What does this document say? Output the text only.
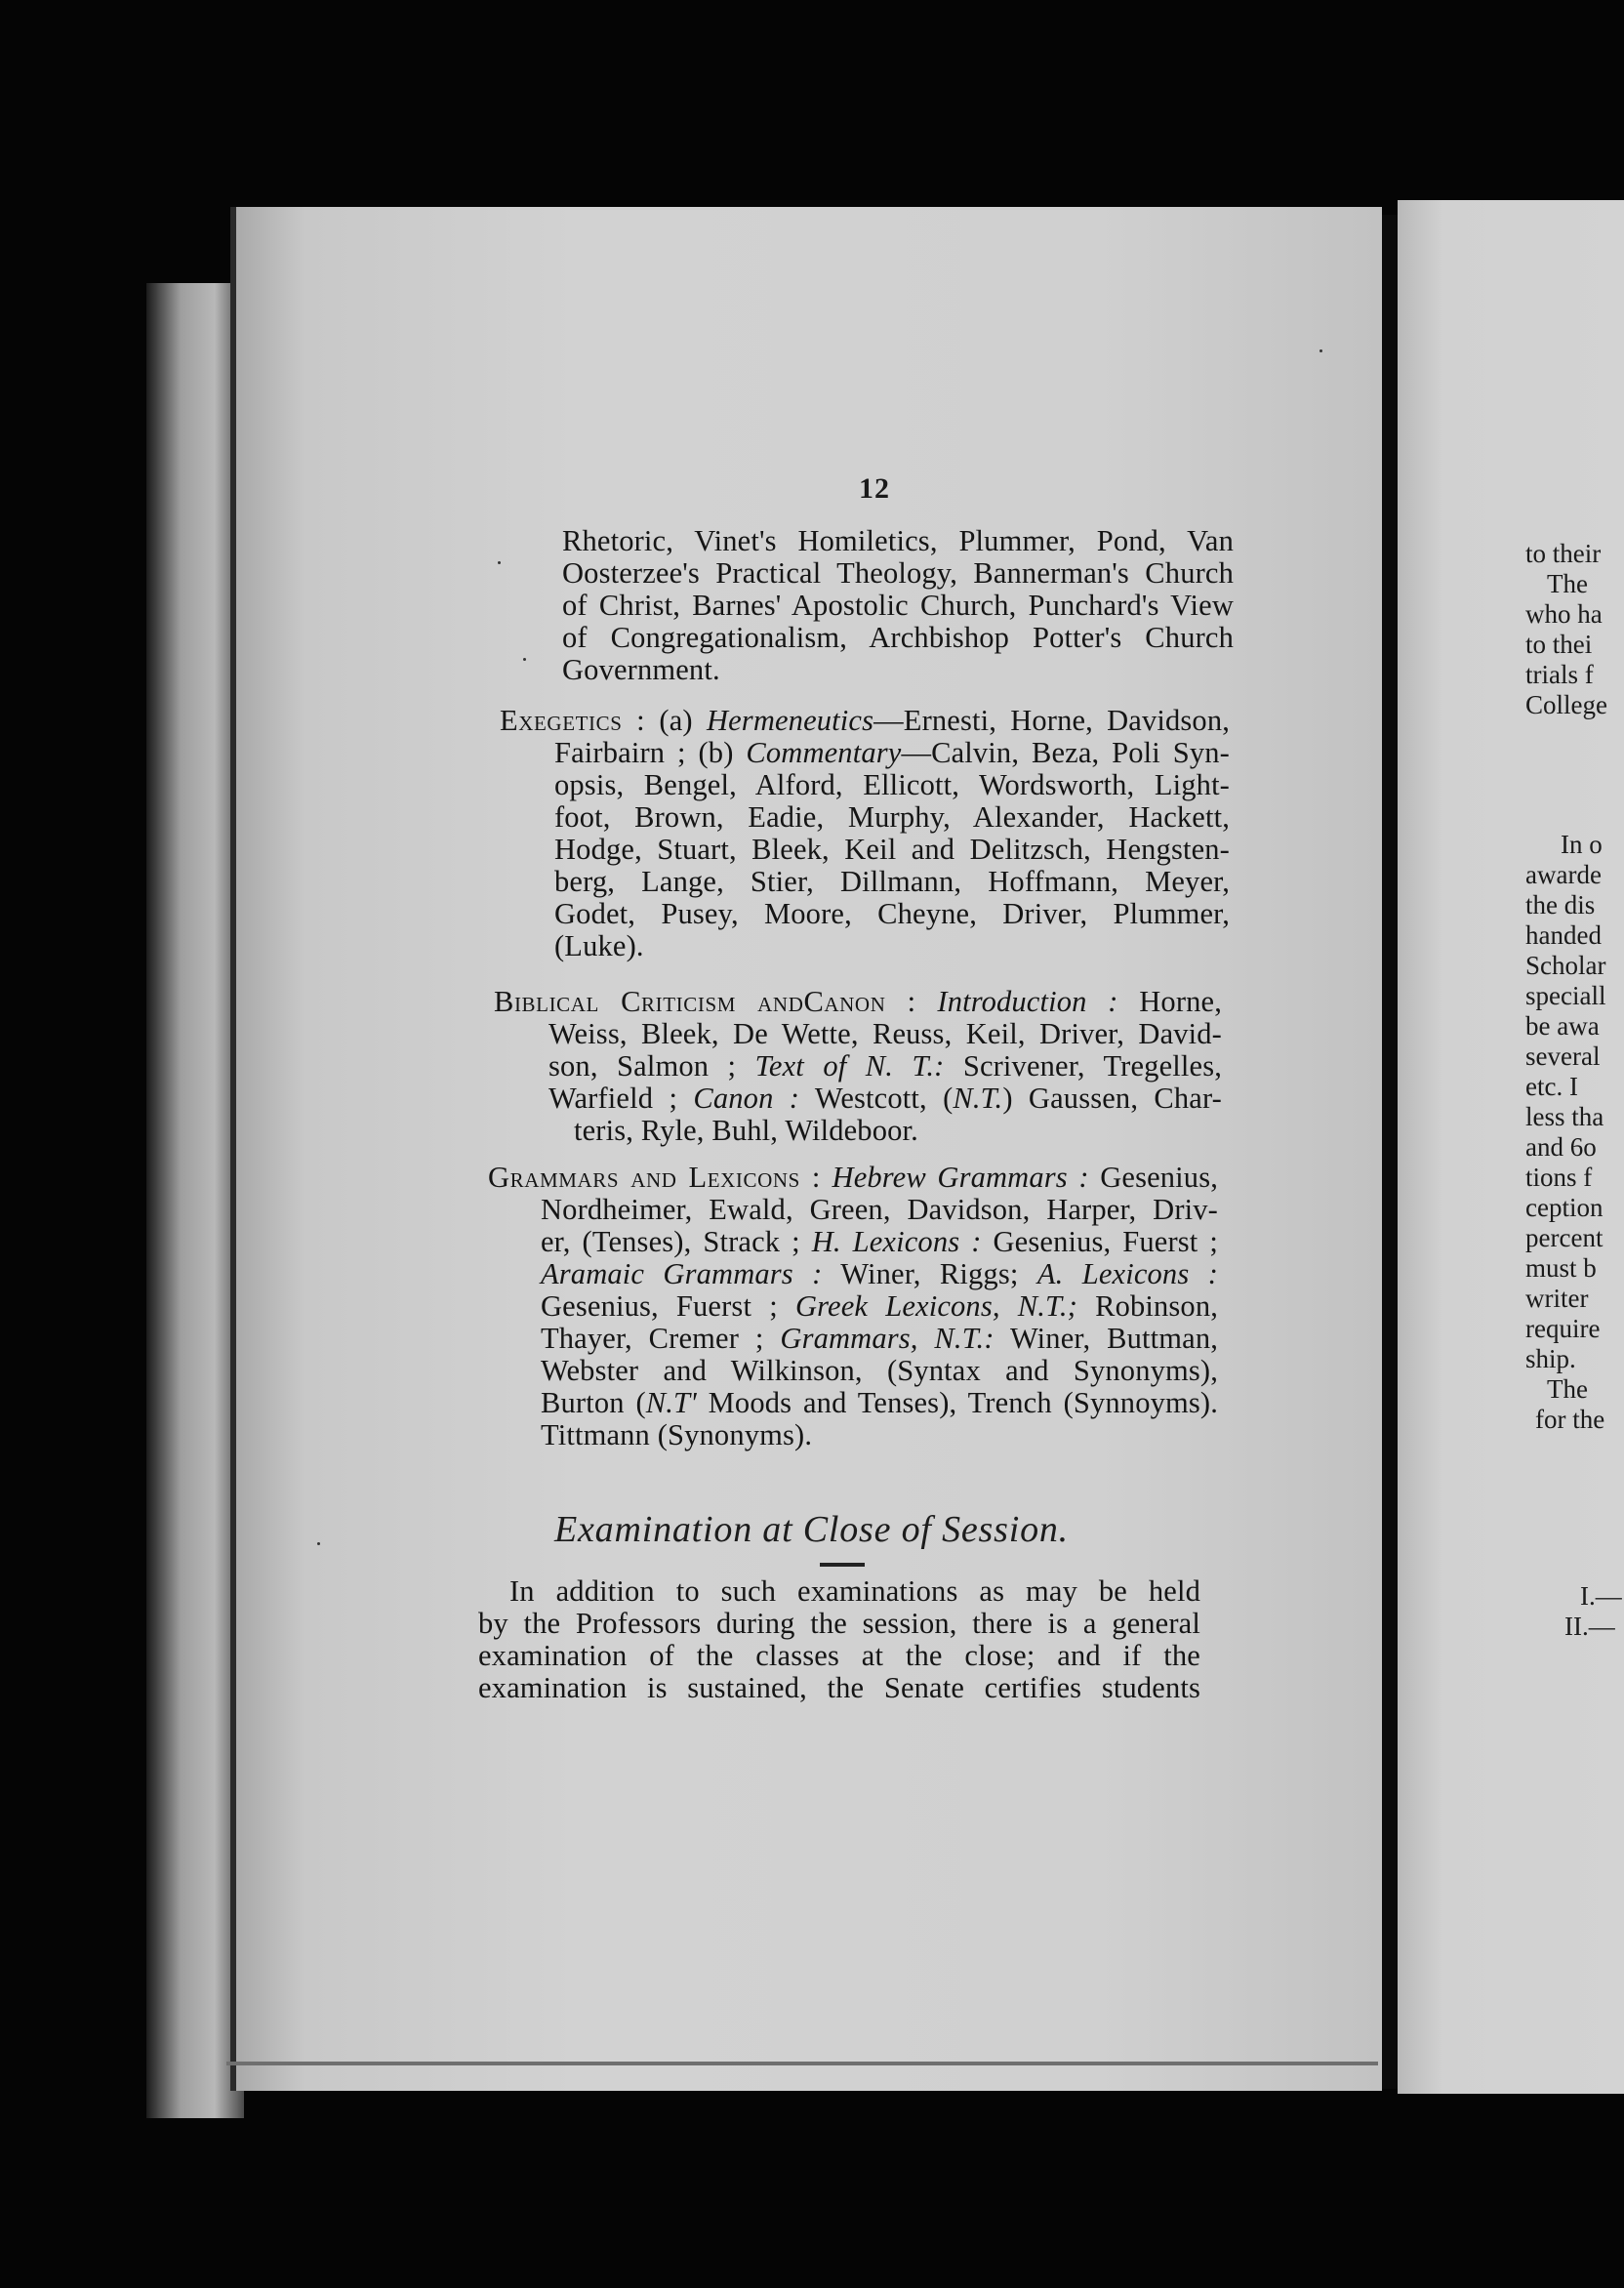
12
Rhetoric, Vinet's Homiletics, Plummer, Pond, Van
Oosterzee's Practical Theology, Bannerman's Church
of Christ, Barnes' Apostolic Church, Punchard's View
of Congregationalism, Archbishop Potter's Church
Government.
Exegetics : (a) Hermeneutics—Ernesti, Horne, Davidson,
Fairbairn ; (b) Commentary—Calvin, Beza, Poli Syn-
opsis, Bengel, Alford, Ellicott, Wordsworth, Light-
foot, Brown, Eadie, Murphy, Alexander, Hackett,
Hodge, Stuart, Bleek, Keil and Delitzsch, Hengsten-
berg, Lange, Stier, Dillmann, Hoffmann, Meyer,
Godet, Pusey, Moore, Cheyne, Driver, Plummer,
(Luke).
Biblical Criticism andCanon : Introduction : Horne,
Weiss, Bleek, De Wette, Reuss, Keil, Driver, David-
son, Salmon ; Text of N. T.: Scrivener, Tregelles,
Warfield ; Canon : Westcott, (N.T.) Gaussen, Char-
teris, Ryle, Buhl, Wildeboor.
Grammars and Lexicons : Hebrew Grammars : Gesenius,
Nordheimer, Ewald, Green, Davidson, Harper, Driv-
er, (Tenses), Strack ; H. Lexicons : Gesenius, Fuerst ;
Aramaic Grammars : Winer, Riggs; A. Lexicons :
Gesenius, Fuerst ; Greek Lexicons, N.T.; Robinson,
Thayer, Cremer ; Grammars, N.T.: Winer, Buttman,
Webster and Wilkinson, (Syntax and Synonyms),
Burton (N.T' Moods and Tenses), Trench (Synnoyms).
Tittmann (Synonyms).
Examination at Close of Session.
In addition to such examinations as may be held
by the Professors during the session, there is a general
examination of the classes at the close; and if the
examination is sustained, the Senate certifies students
to their
The
who ha
to thei
trials f
College
In o
awarde
the dis
handed
Scholar
speciall
be awa
several
etc. I
less tha
and 6o
tions f
ception
percent
must b
writer
require
ship.
The
for the
I.—
II.—
